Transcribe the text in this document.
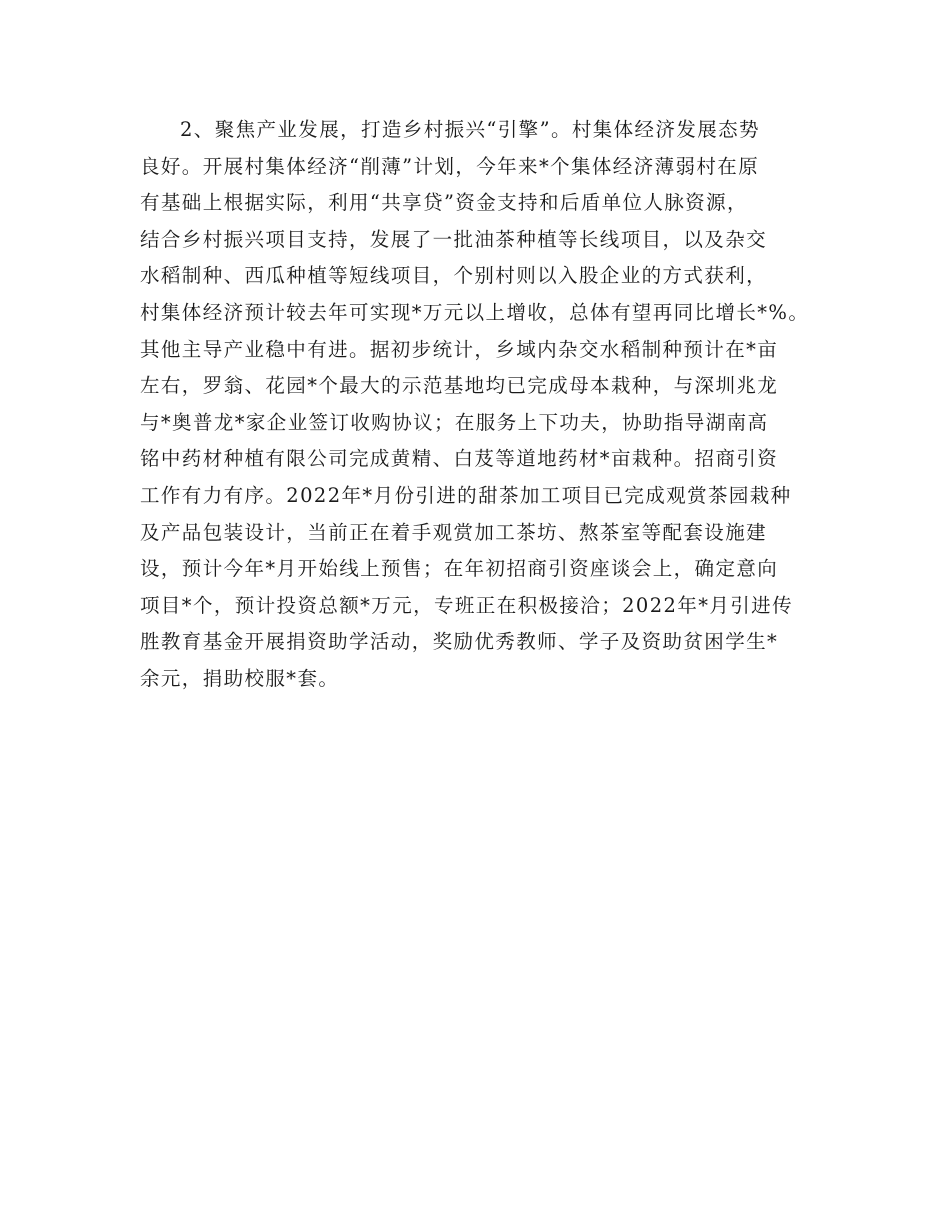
2、聚焦产业发展，打造乡村振兴“引擎”。村集体经济发展态势
良好。开展村集体经济“削薄”计划，今年来*个集体经济薄弱村在原
有基础上根据实际，利用“共享贷”资金支持和后盾单位人脉资源，
结合乡村振兴项目支持，发展了一批油茶种植等长线项目，以及杂交
水稻制种、西瓜种植等短线项目，个别村则以入股企业的方式获利，
村集体经济预计较去年可实现*万元以上增收，总体有望再同比增长*%。
其他主导产业稳中有进。据初步统计，乡域内杂交水稻制种预计在*亩
左右，罗翁、花园*个最大的示范基地均已完成母本栽种，与深圳兆龙
与*奥普龙*家企业签订收购协议；在服务上下功夫，协助指导湖南高
铭中药材种植有限公司完成黄精、白芨等道地药材*亩栽种。招商引资
工作有力有序。2022年*月份引进的甜茶加工项目已完成观赏茶园栽种
及产品包装设计，当前正在着手观赏加工茶坊、熬茶室等配套设施建
设，预计今年*月开始线上预售；在年初招商引资座谈会上，确定意向
项目*个，预计投资总额*万元，专班正在积极接洽；2022年*月引进传
胜教育基金开展捐资助学活动，奖励优秀教师、学子及资助贫困学生*
余元，捐助校服*套。
